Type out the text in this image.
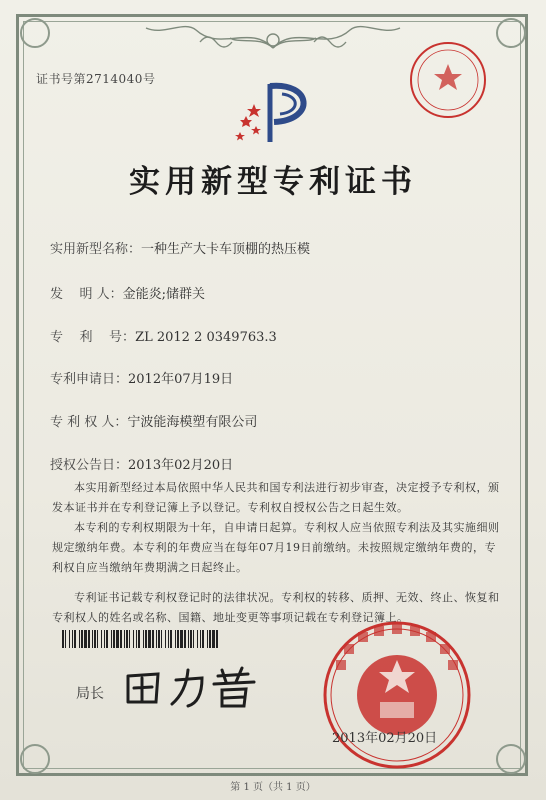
证书号第2714040号
实用新型专利证书
实用新型名称：一种生产大卡车顶棚的热压模
发    明 人：金能炎;储群关
专    利    号：ZL 2012 2 0349763.3
专利申请日：2012年07月19日
专 利 权 人：宁波能海模塑有限公司
授权公告日：2013年02月20日

本实用新型经过本局依照中华人民共和国专利法进行初步审查，决定授予专利权，颁发本证书并在专利登记簿上予以登记。专利权自授权公告之日起生效。

本专利的专利权期限为十年，自申请日起算。专利权人应当依照专利法及其实施细则规定缴纳年费。本专利的年费应当在每年07月19日前缴纳。未按照规定缴纳年费的，专利权自应当缴纳年费期满之日起终止。

专利证书记载专利权登记时的法律状况。专利权的转移、质押、无效、终止、恢复和专利权人的姓名或名称、国籍、地址变更等事项记载在专利登记簿上。

局长
2013年02月20日
第 1 页（共 1 页）
